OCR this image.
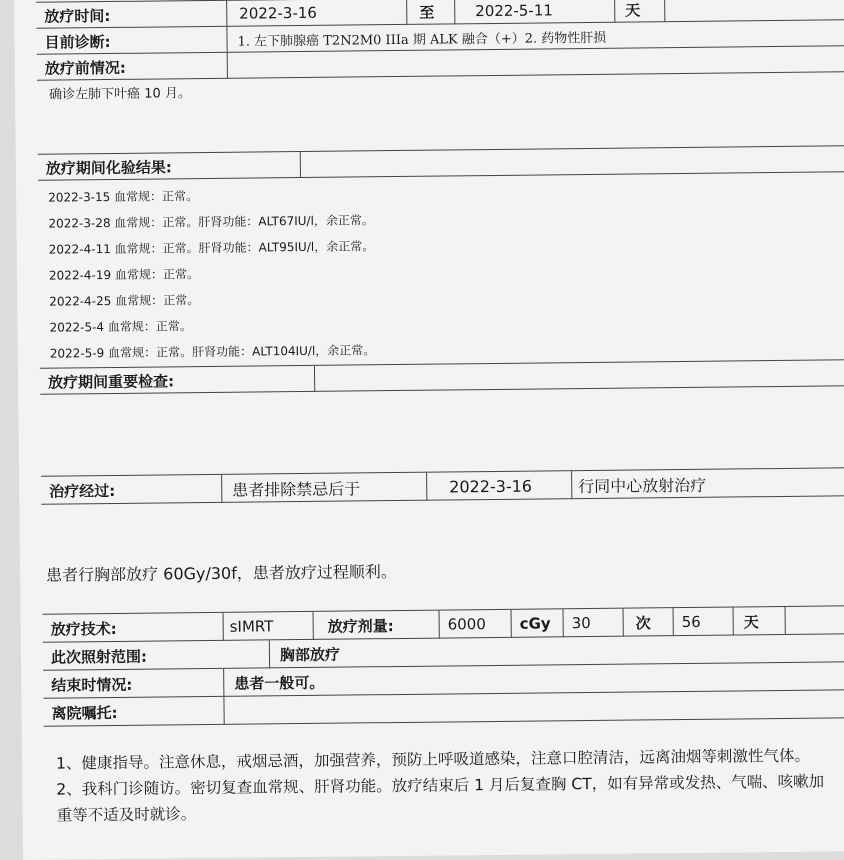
放疗时间:	2022-3-16	至	2022-5-11	天
目前诊断:	1. 左下肺腺癌 T2N2M0 IIIa 期 ALK 融合（+）2. 药物性肝损
放疗前情况:
确诊左肺下叶癌 10 月。
放疗期间化验结果:
2022-3-15 血常规：正常。
2022-3-28 血常规：正常。肝肾功能：ALT67IU/l，余正常。
2022-4-11 血常规：正常。肝肾功能：ALT95IU/l，余正常。
2022-4-19 血常规：正常。
2022-4-25 血常规：正常。
2022-5-4 血常规：正常。
2022-5-9 血常规：正常。肝肾功能：ALT104IU/l，余正常。
放疗期间重要检查:
治疗经过:	患者排除禁忌后于	2022-3-16	行同中心放射治疗
患者行胸部放疗 60Gy/30f，患者放疗过程顺利。
放疗技术:	sIMRT	放疗剂量:	6000	cGy	30	次	56	天
此次照射范围:	胸部放疗
结束时情况:	患者一般可。
离院嘱托:
1、健康指导。注意休息，戒烟忌酒，加强营养，预防上呼吸道感染，注意口腔清洁，远离油烟等刺激性气体。2、我科门诊随访。密切复查血常规、肝肾功能。放疗结束后 1 月后复查胸 CT，如有异常或发热、气喘、咳嗽加重等不适及时就诊。
